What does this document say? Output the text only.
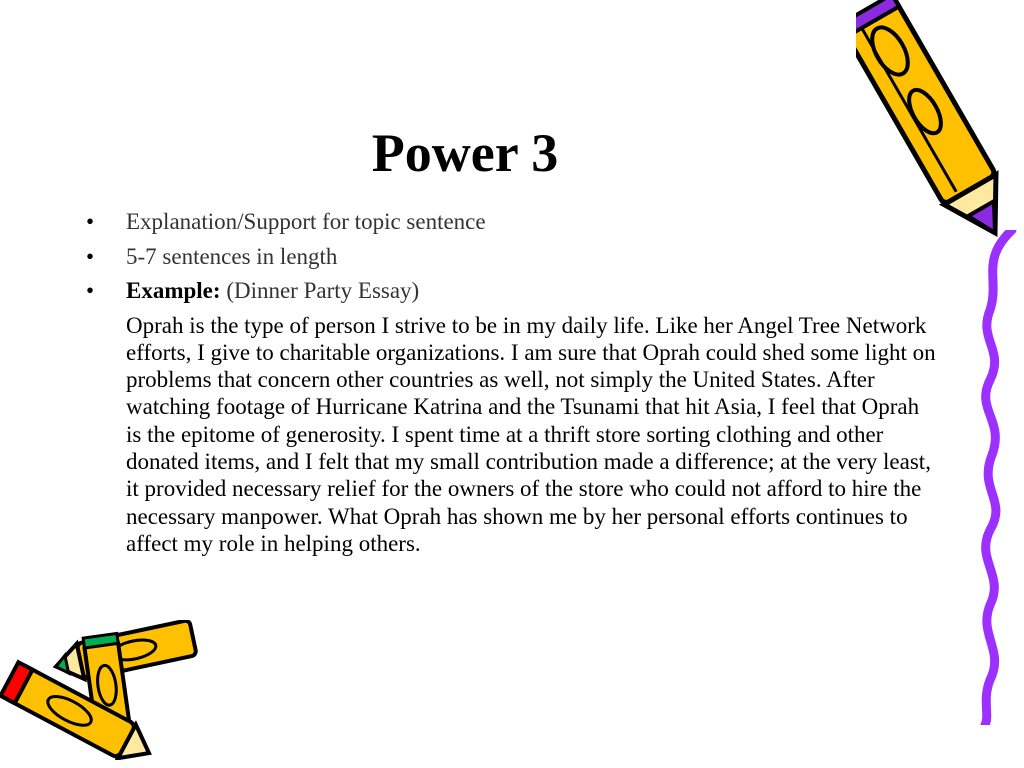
Power 3
• Explanation/Support for topic sentence
• 5-7 sentences in length
• Example: (Dinner Party Essay)
Oprah is the type of person I strive to be in my daily life. Like her Angel Tree Network efforts, I give to charitable organizations. I am sure that Oprah could shed some light on problems that concern other countries as well, not simply the United States. After watching footage of Hurricane Katrina and the Tsunami that hit Asia, I feel that Oprah is the epitome of generosity. I spent time at a thrift store sorting clothing and other donated items, and I felt that my small contribution made a difference; at the very least, it provided necessary relief for the owners of the store who could not afford to hire the necessary manpower. What Oprah has shown me by her personal efforts continues to affect my role in helping others.
